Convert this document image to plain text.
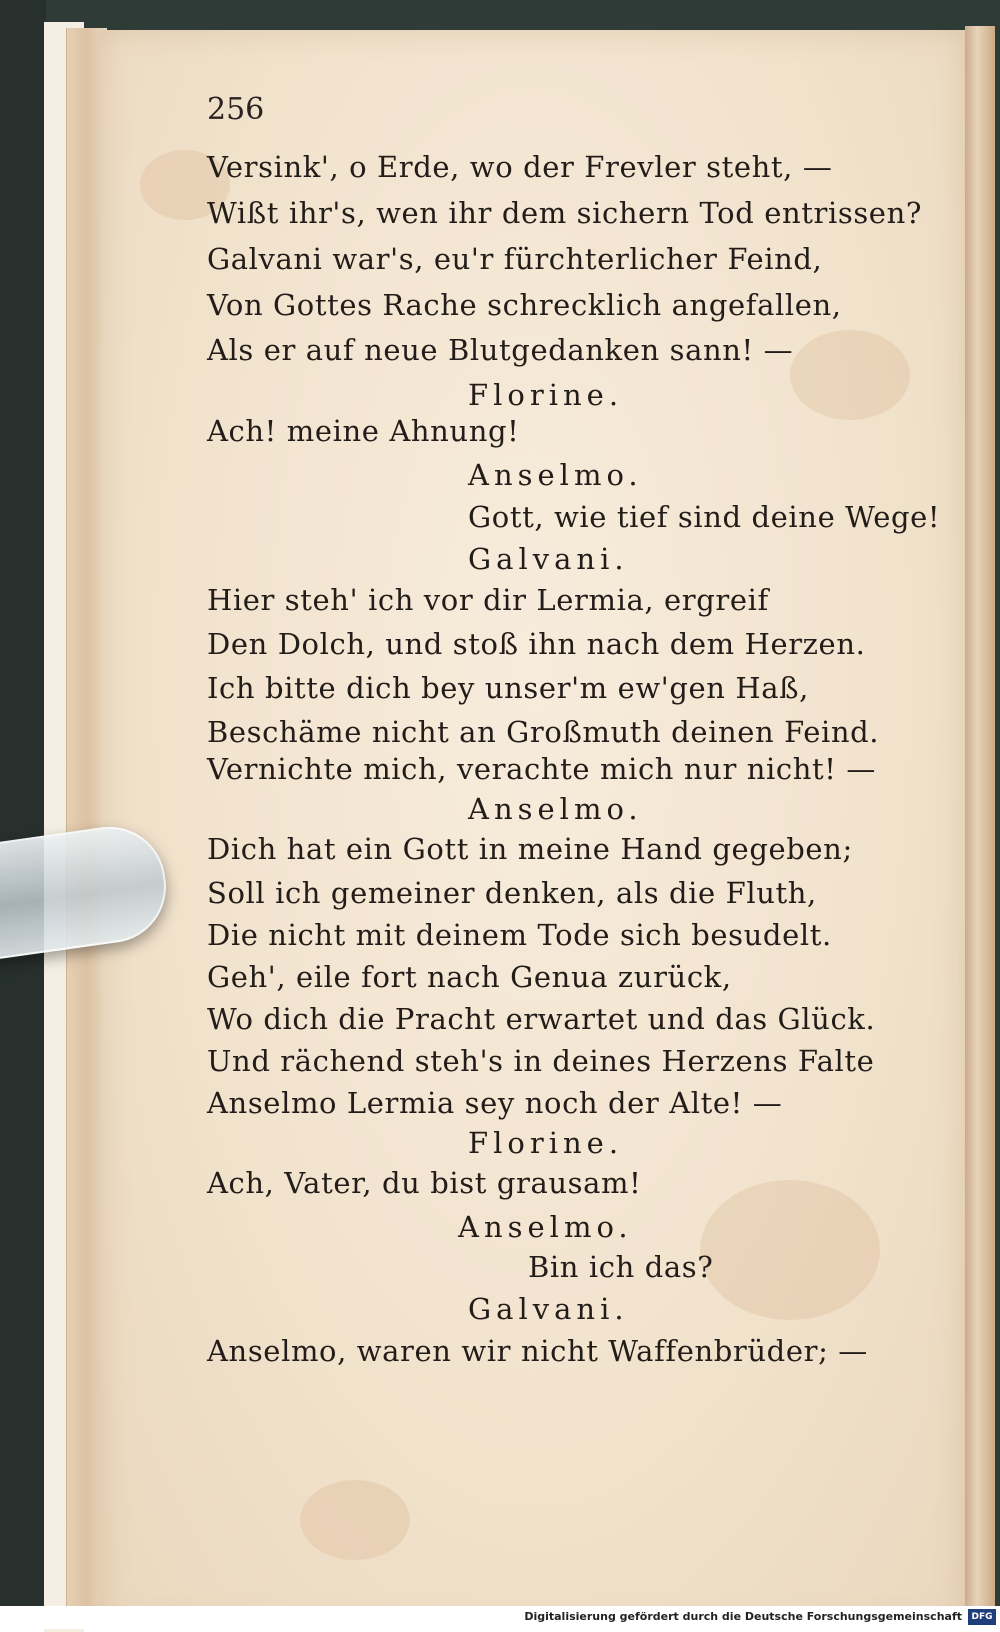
256
Versink', o Erde, wo der Frevler steht, —
Wißt ihr's, wen ihr dem sichern Tod entrissen?
Galvani war's, eu'r fürchterlicher Feind,
Von Gottes Rache schrecklich angefallen,
Als er auf neue Blutgedanken sann! —
Florine.
Ach! meine Ahnung!
Anselmo.
Gott, wie tief sind deine Wege!
Galvani.
Hier steh' ich vor dir Lermia, ergreif
Den Dolch, und stoß ihn nach dem Herzen.
Ich bitte dich bey unser'm ew'gen Haß,
Beschäme nicht an Großmuth deinen Feind.
Vernichte mich, verachte mich nur nicht! —
Anselmo.
Dich hat ein Gott in meine Hand gegeben;
Soll ich gemeiner denken, als die Fluth,
Die nicht mit deinem Tode sich besudelt.
Geh', eile fort nach Genua zurück,
Wo dich die Pracht erwartet und das Glück.
Und rächend steh's in deines Herzens Falte
Anselmo Lermia sey noch der Alte! —
Florine.
Ach, Vater, du bist grausam!
Anselmo.
Bin ich das?
Galvani.
Anselmo, waren wir nicht Waffenbrüder; —
Digitalisierung gefördert durch die Deutsche Forschungsgemeinschaft	DFG
